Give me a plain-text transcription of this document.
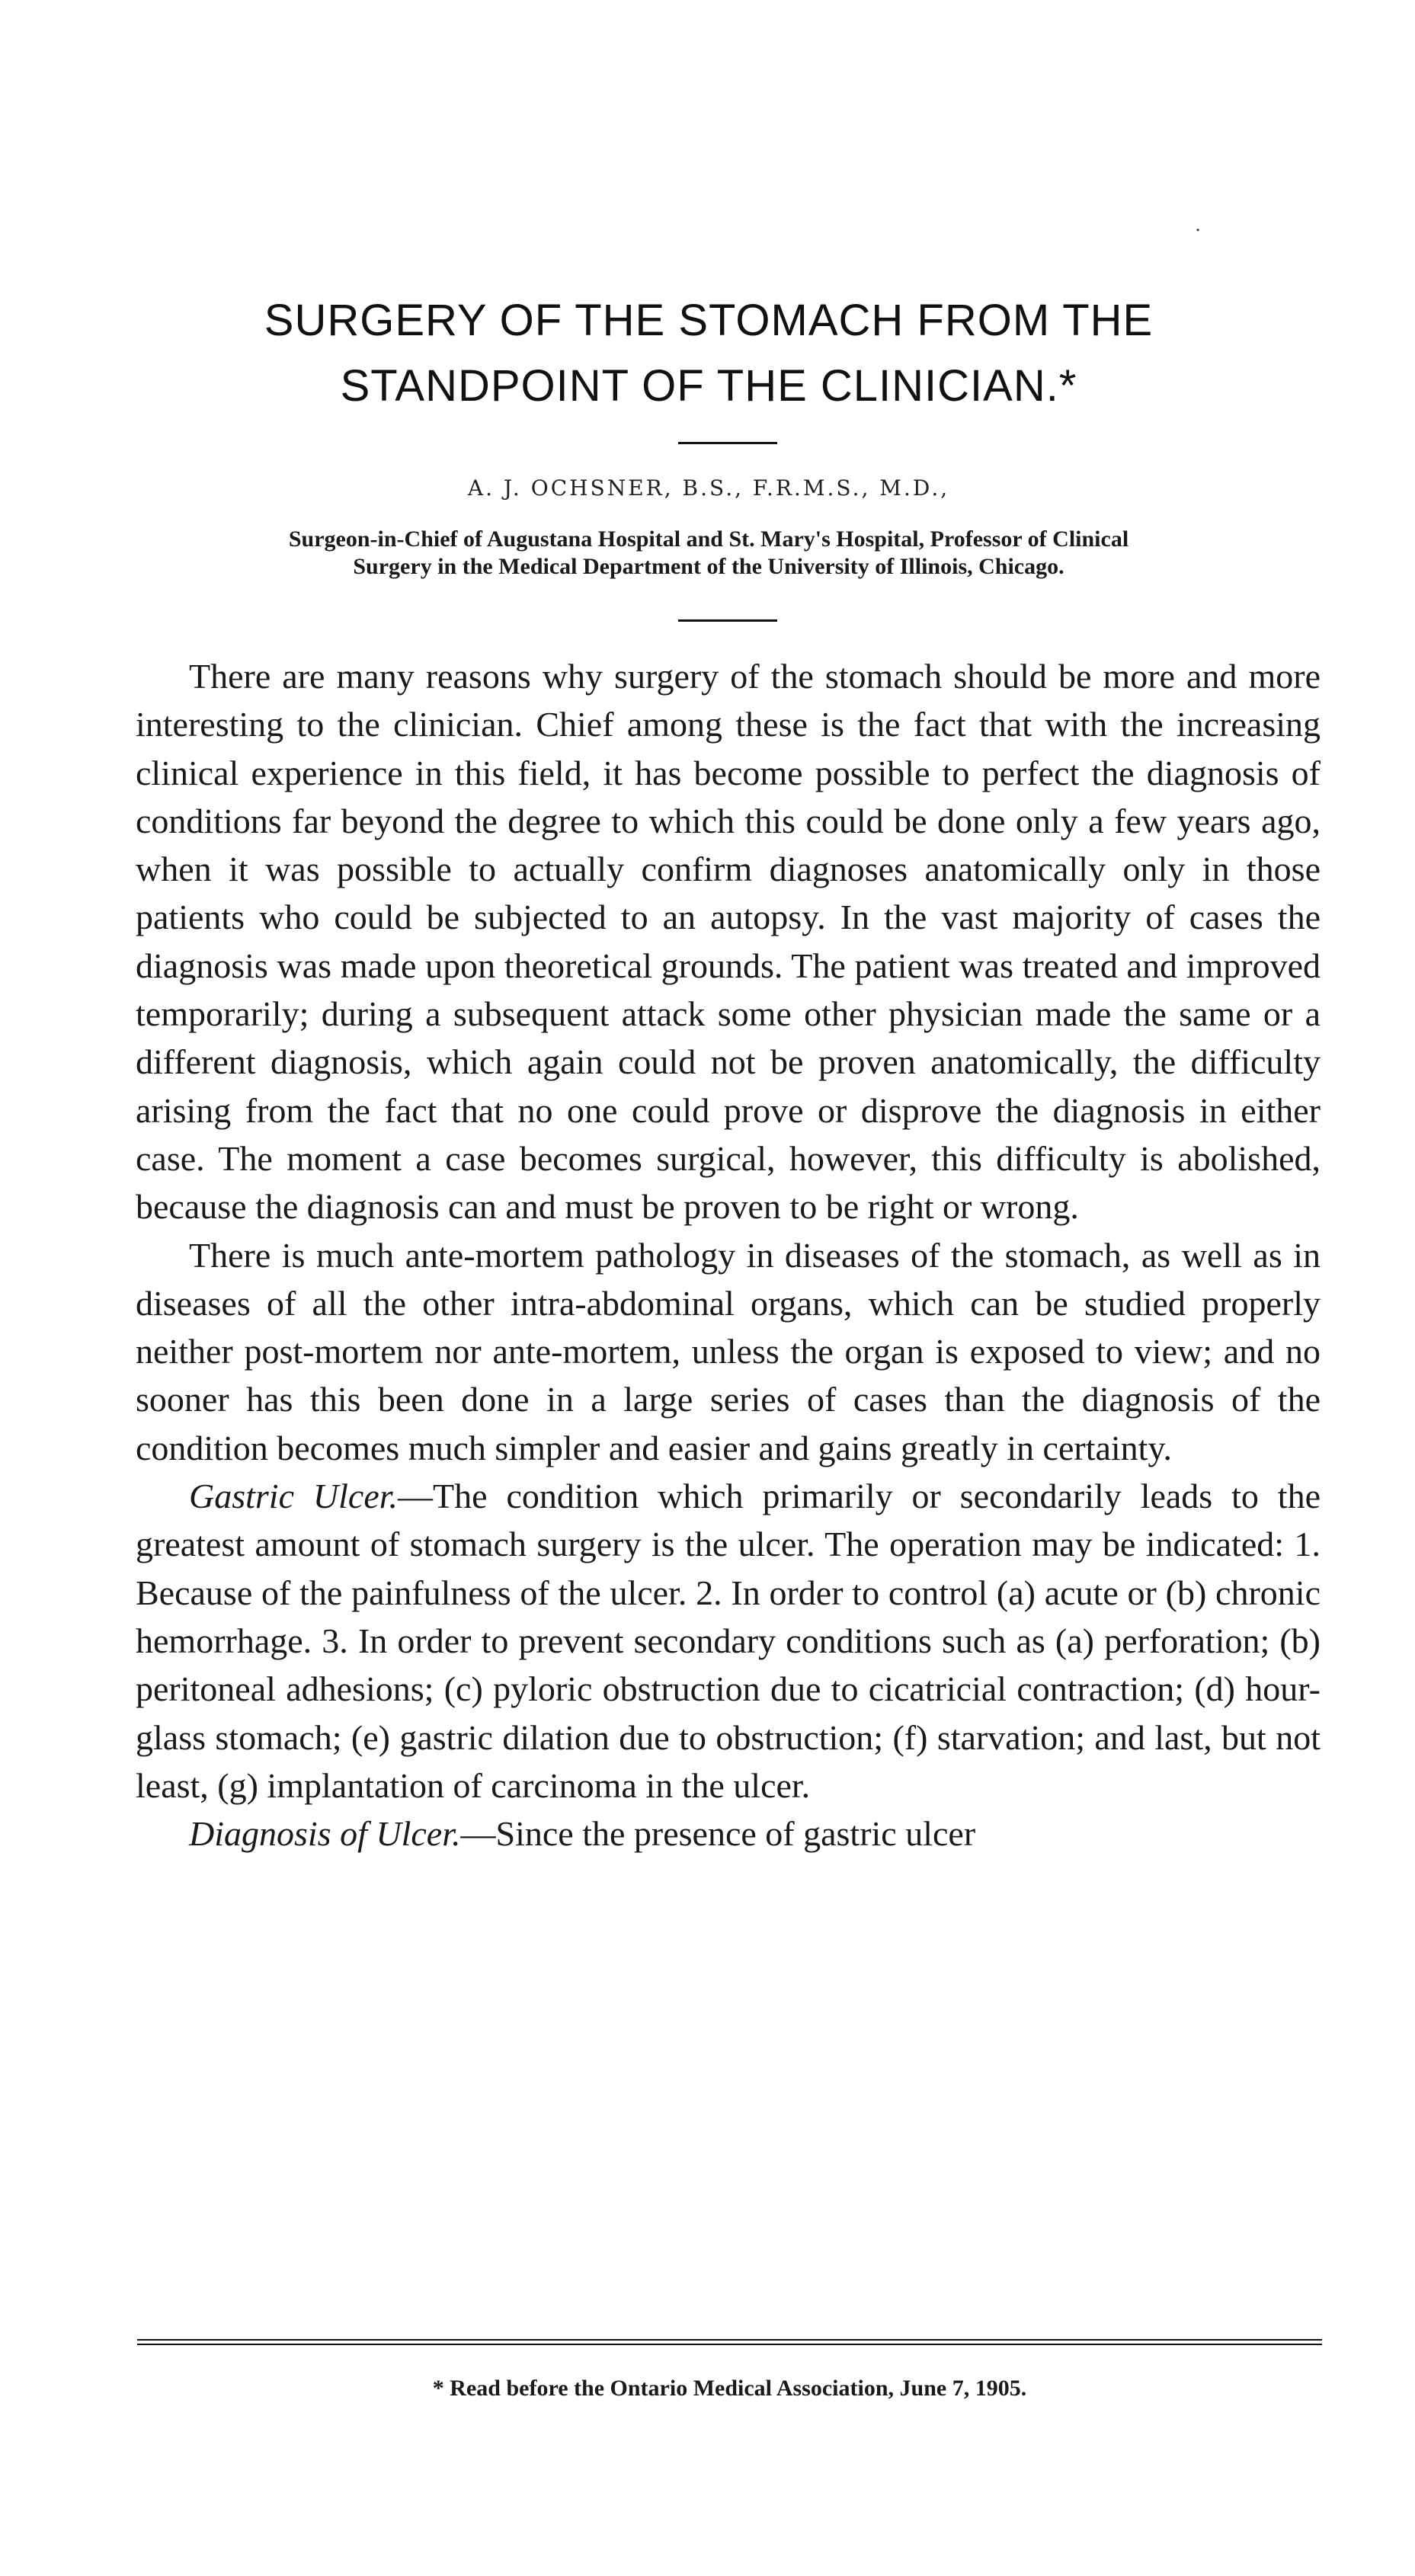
·
SURGERY OF THE STOMACH FROM THE
STANDPOINT OF THE CLINICIAN.*
A. J. OCHSNER, B.S., F.R.M.S., M.D.,
Surgeon-in-Chief of Augustana Hospital and St. Mary's Hospital, Professor of Clinical
Surgery in the Medical Department of the University of Illinois, Chicago.

There are many reasons why surgery of the stomach should be more and more interesting to the clinician. Chief among these is the fact that with the increasing clinical experience in this field, it has become possible to perfect the diagnosis of conditions far beyond the degree to which this could be done only a few years ago, when it was possible to actually confirm diagnoses anatomically only in those patients who could be subjected to an autopsy. In the vast majority of cases the diagnosis was made upon theoretical grounds. The patient was treated and improved temporarily; during a subsequent attack some other physician made the same or a different diagnosis, which again could not be proven anatomically, the difficulty arising from the fact that no one could prove or disprove the diagnosis in either case. The moment a case becomes surgical, however, this difficulty is abolished, because the diagnosis can and must be proven to be right or wrong.

There is much ante-mortem pathology in diseases of the stomach, as well as in diseases of all the other intra-abdominal organs, which can be studied properly neither post-mortem nor ante-mortem, unless the organ is exposed to view; and no sooner has this been done in a large series of cases than the diagnosis of the condition becomes much simpler and easier and gains greatly in certainty.

Gastric Ulcer.—The condition which primarily or secondarily leads to the greatest amount of stomach surgery is the ulcer. The operation may be indicated: 1. Because of the painfulness of the ulcer. 2. In order to control (a) acute or (b) chronic hemorrhage. 3. In order to prevent secondary conditions such as (a) perforation; (b) peritoneal adhesions; (c) pyloric obstruction due to cicatricial contraction; (d) hour-glass stomach; (e) gastric dilation due to obstruction; (f) starvation; and last, but not least, (g) implantation of carcinoma in the ulcer.

Diagnosis of Ulcer.—Since the presence of gastric ulcer

* Read before the Ontario Medical Association, June 7, 1905.
